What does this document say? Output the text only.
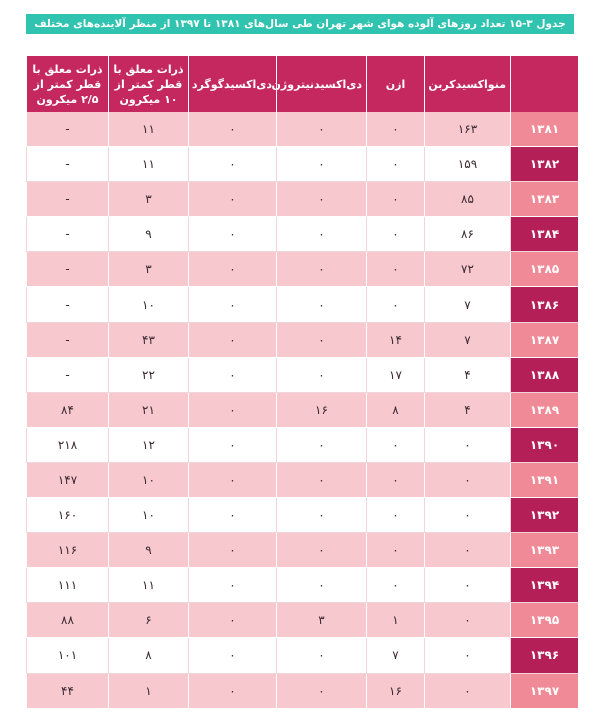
جدول ۳-۱۵ تعداد روزهای آلوده هوای شهر تهران طی سال‌های ۱۳۸۱ تا ۱۳۹۷ از منظر آلاینده‌های مختلف
	منواکسیدکربن	ازن	دی‌اکسیدنیتروژن	دی‌اکسیدگوگرد	ذرات معلق با قطر کمتر از ۱۰ میکرون	ذرات معلق با قطر کمتر از ۲/۵ میکرون
۱۳۸۱	۱۶۳	۰	۰	۰	۱۱	-
۱۳۸۲	۱۵۹	۰	۰	۰	۱۱	-
۱۳۸۳	۸۵	۰	۰	۰	۳	-
۱۳۸۴	۸۶	۰	۰	۰	۹	-
۱۳۸۵	۷۲	۰	۰	۰	۳	-
۱۳۸۶	۷	۰	۰	۰	۱۰	-
۱۳۸۷	۷	۱۴	۰	۰	۴۳	-
۱۳۸۸	۴	۱۷	۰	۰	۲۲	-
۱۳۸۹	۴	۸	۱۶	۰	۲۱	۸۴
۱۳۹۰	۰	۰	۰	۰	۱۲	۲۱۸
۱۳۹۱	۰	۰	۰	۰	۱۰	۱۴۷
۱۳۹۲	۰	۰	۰	۰	۱۰	۱۶۰
۱۳۹۳	۰	۰	۰	۰	۹	۱۱۶
۱۳۹۴	۰	۰	۰	۰	۱۱	۱۱۱
۱۳۹۵	۰	۱	۳	۰	۶	۸۸
۱۳۹۶	۰	۷	۰	۰	۸	۱۰۱
۱۳۹۷	۰	۱۶	۰	۰	۱	۴۴
